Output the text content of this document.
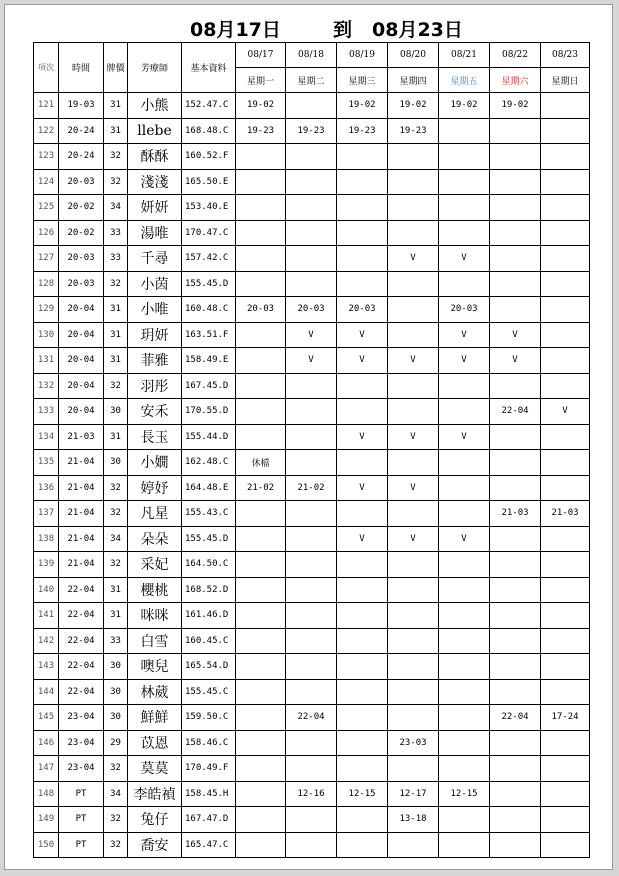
08月17日	到 08月23日
項次	時間	牌價	芳療師	基本資料	08/17	08/18	08/19	08/20	08/21	08/22	08/23
					星期一	星期二	星期三	星期四	星期五	星期六	星期日
121	19-03	31	小熊	152.47.C	19-02		19-02	19-02	19-02	19-02	
122	20-24	31	llebe	168.48.C	19-23	19-23	19-23	19-23			
123	20-24	32	酥酥	160.52.F							
124	20-03	32	淺淺	165.50.E							
125	20-02	34	妍妍	153.40.E							
126	20-02	33	湯唯	170.47.C							
127	20-03	33	千尋	157.42.C				V	V		
128	20-03	32	小茵	155.45.D							
129	20-04	31	小唯	160.48.C	20-03	20-03	20-03		20-03		
130	20-04	31	玥妍	163.51.F		V	V		V	V	
131	20-04	31	菲雅	158.49.E		V	V	V	V	V	
132	20-04	32	羽彤	167.45.D							
133	20-04	30	安禾	170.55.D						22-04	V
134	21-03	31	長玉	155.44.D			V	V	V		
135	21-04	30	小嫺	162.48.C	休檔						
136	21-04	32	婷妤	164.48.E	21-02	21-02	V	V			
137	21-04	32	凡星	155.43.C						21-03	21-03
138	21-04	34	朵朵	155.45.D			V	V	V		
139	21-04	32	采妃	164.50.C							
140	22-04	31	櫻桃	168.52.D							
141	22-04	31	咪咪	161.46.D							
142	22-04	33	白雪	160.45.C							
143	22-04	30	噢兒	165.54.D							
144	22-04	30	林葳	155.45.C							
145	23-04	30	鮮鮮	159.50.C		22-04				22-04	17-24
146	23-04	29	苡恩	158.46.C				23-03			
147	23-04	32	莫莫	170.49.F							
148	PT	34	李皓禎	158.45.H		12-16	12-15	12-17	12-15		
149	PT	32	兔仔	167.47.D				13-18			
150	PT	32	喬安	165.47.C							
